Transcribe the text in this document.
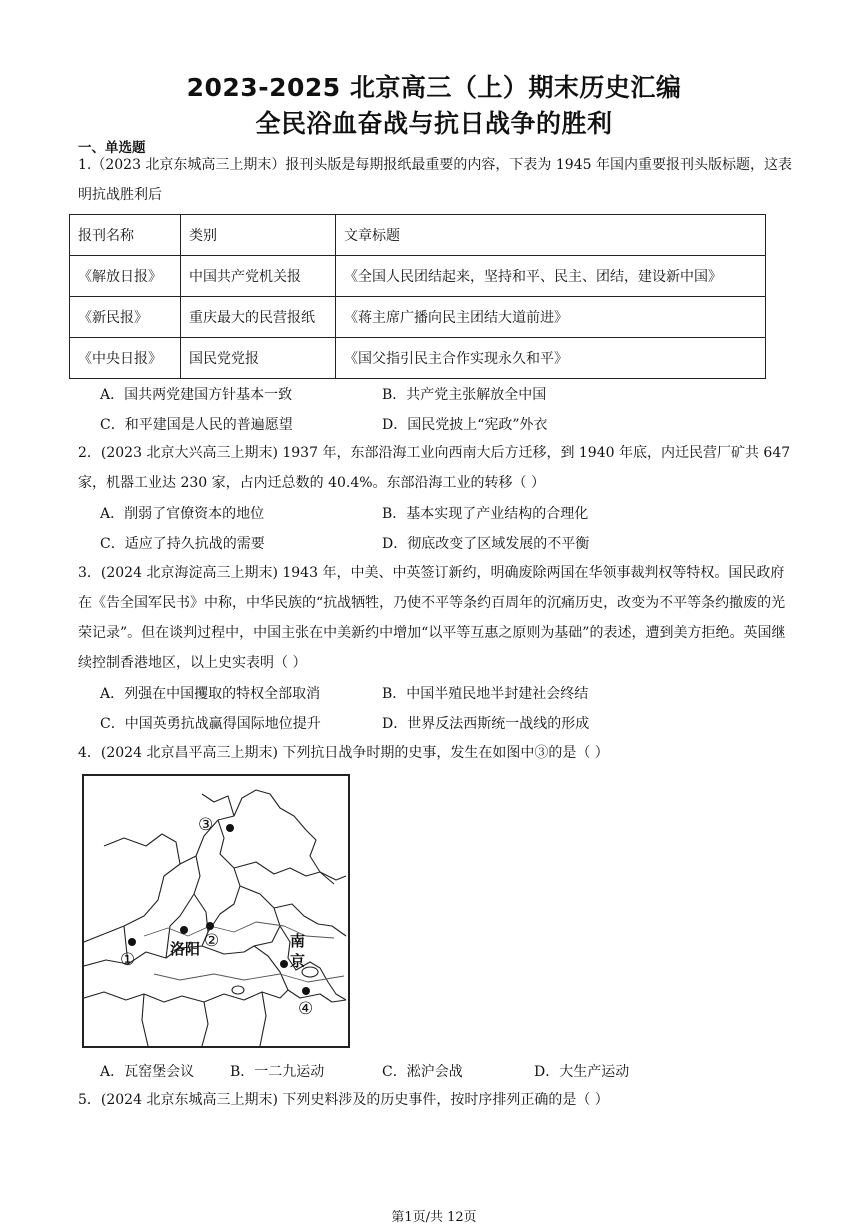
2023-2025 北京高三（上）期末历史汇编
全民浴血奋战与抗日战争的胜利
一、单选题
1.（2023 北京东城高三上期末）报刊头版是每期报纸最重要的内容，下表为 1945 年国内重要报刊头版标题，这表明抗战胜利后
报刊名称	类别	文章标题
《解放日报》	中国共产党机关报	《全国人民团结起来，坚持和平、民主、团结，建设新中国》
《新民报》	重庆最大的民营报纸	《蒋主席广播向民主团结大道前进》
《中央日报》	国民党党报	《国父指引民主合作实现永久和平》
A．国共两党建国方针基本一致	B．共产党主张解放全中国
C．和平建国是人民的普遍愿望	D．国民党披上“宪政”外衣
2．(2023 北京大兴高三上期末) 1937 年，东部沿海工业向西南大后方迁移，到 1940 年底，内迁民营厂矿共 647 家，机器工业达 230 家，占内迁总数的 40.4%。东部沿海工业的转移（ ）
A．削弱了官僚资本的地位	B．基本实现了产业结构的合理化
C．适应了持久抗战的需要	D．彻底改变了区域发展的不平衡
3．(2024 北京海淀高三上期末) 1943 年，中美、中英签订新约，明确废除两国在华领事裁判权等特权。国民政府在《告全国军民书》中称，中华民族的“抗战牺牲，乃使不平等条约百周年的沉痛历史，改变为不平等条约撤废的光荣记录”。但在谈判过程中，中国主张在中美新约中增加“以平等互惠之原则为基础”的表述，遭到美方拒绝。英国继续控制香港地区，以上史实表明（ ）
A．列强在中国攫取的特权全部取消	B．中国半殖民地半封建社会终结
C．中国英勇抗战赢得国际地位提升	D．世界反法西斯统一战线的形成
4．(2024 北京昌平高三上期末) 下列抗日战争时期的史事，发生在如图中③的是（ ）
③
①
洛阳 ②	南
京
④
A．瓦窑堡会议	B．一二九运动	C．淞沪会战	D．大生产运动
5．(2024 北京东城高三上期末) 下列史料涉及的历史事件，按时序排列正确的是（ ）
第1页/共 12页
